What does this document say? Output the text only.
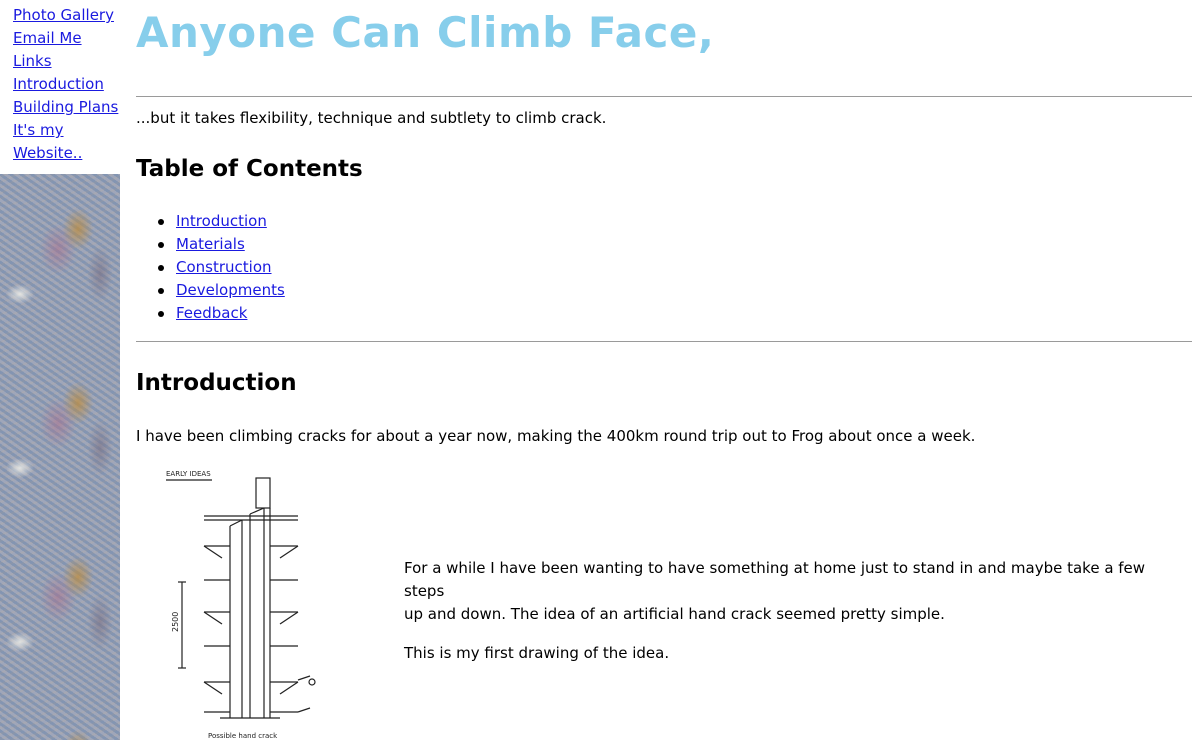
Photo Gallery
Email Me
Links
Introduction
Building Plans
It's my
Website..
Anyone Can Climb Face,
...but it takes flexibility, technique and subtlety to climb crack.
Table of Contents
Introduction
Materials
Construction
Developments
Feedback
Introduction
I have been climbing cracks for about a year now, making the 400km round trip out to Frog about once a week.
EARLY IDEAS
2500
Possible hand crack
For a while I have been wanting to have something at home just to stand in and maybe take a few steps
up and down. The idea of an artificial hand crack seemed pretty simple.
This is my first drawing of the idea.
